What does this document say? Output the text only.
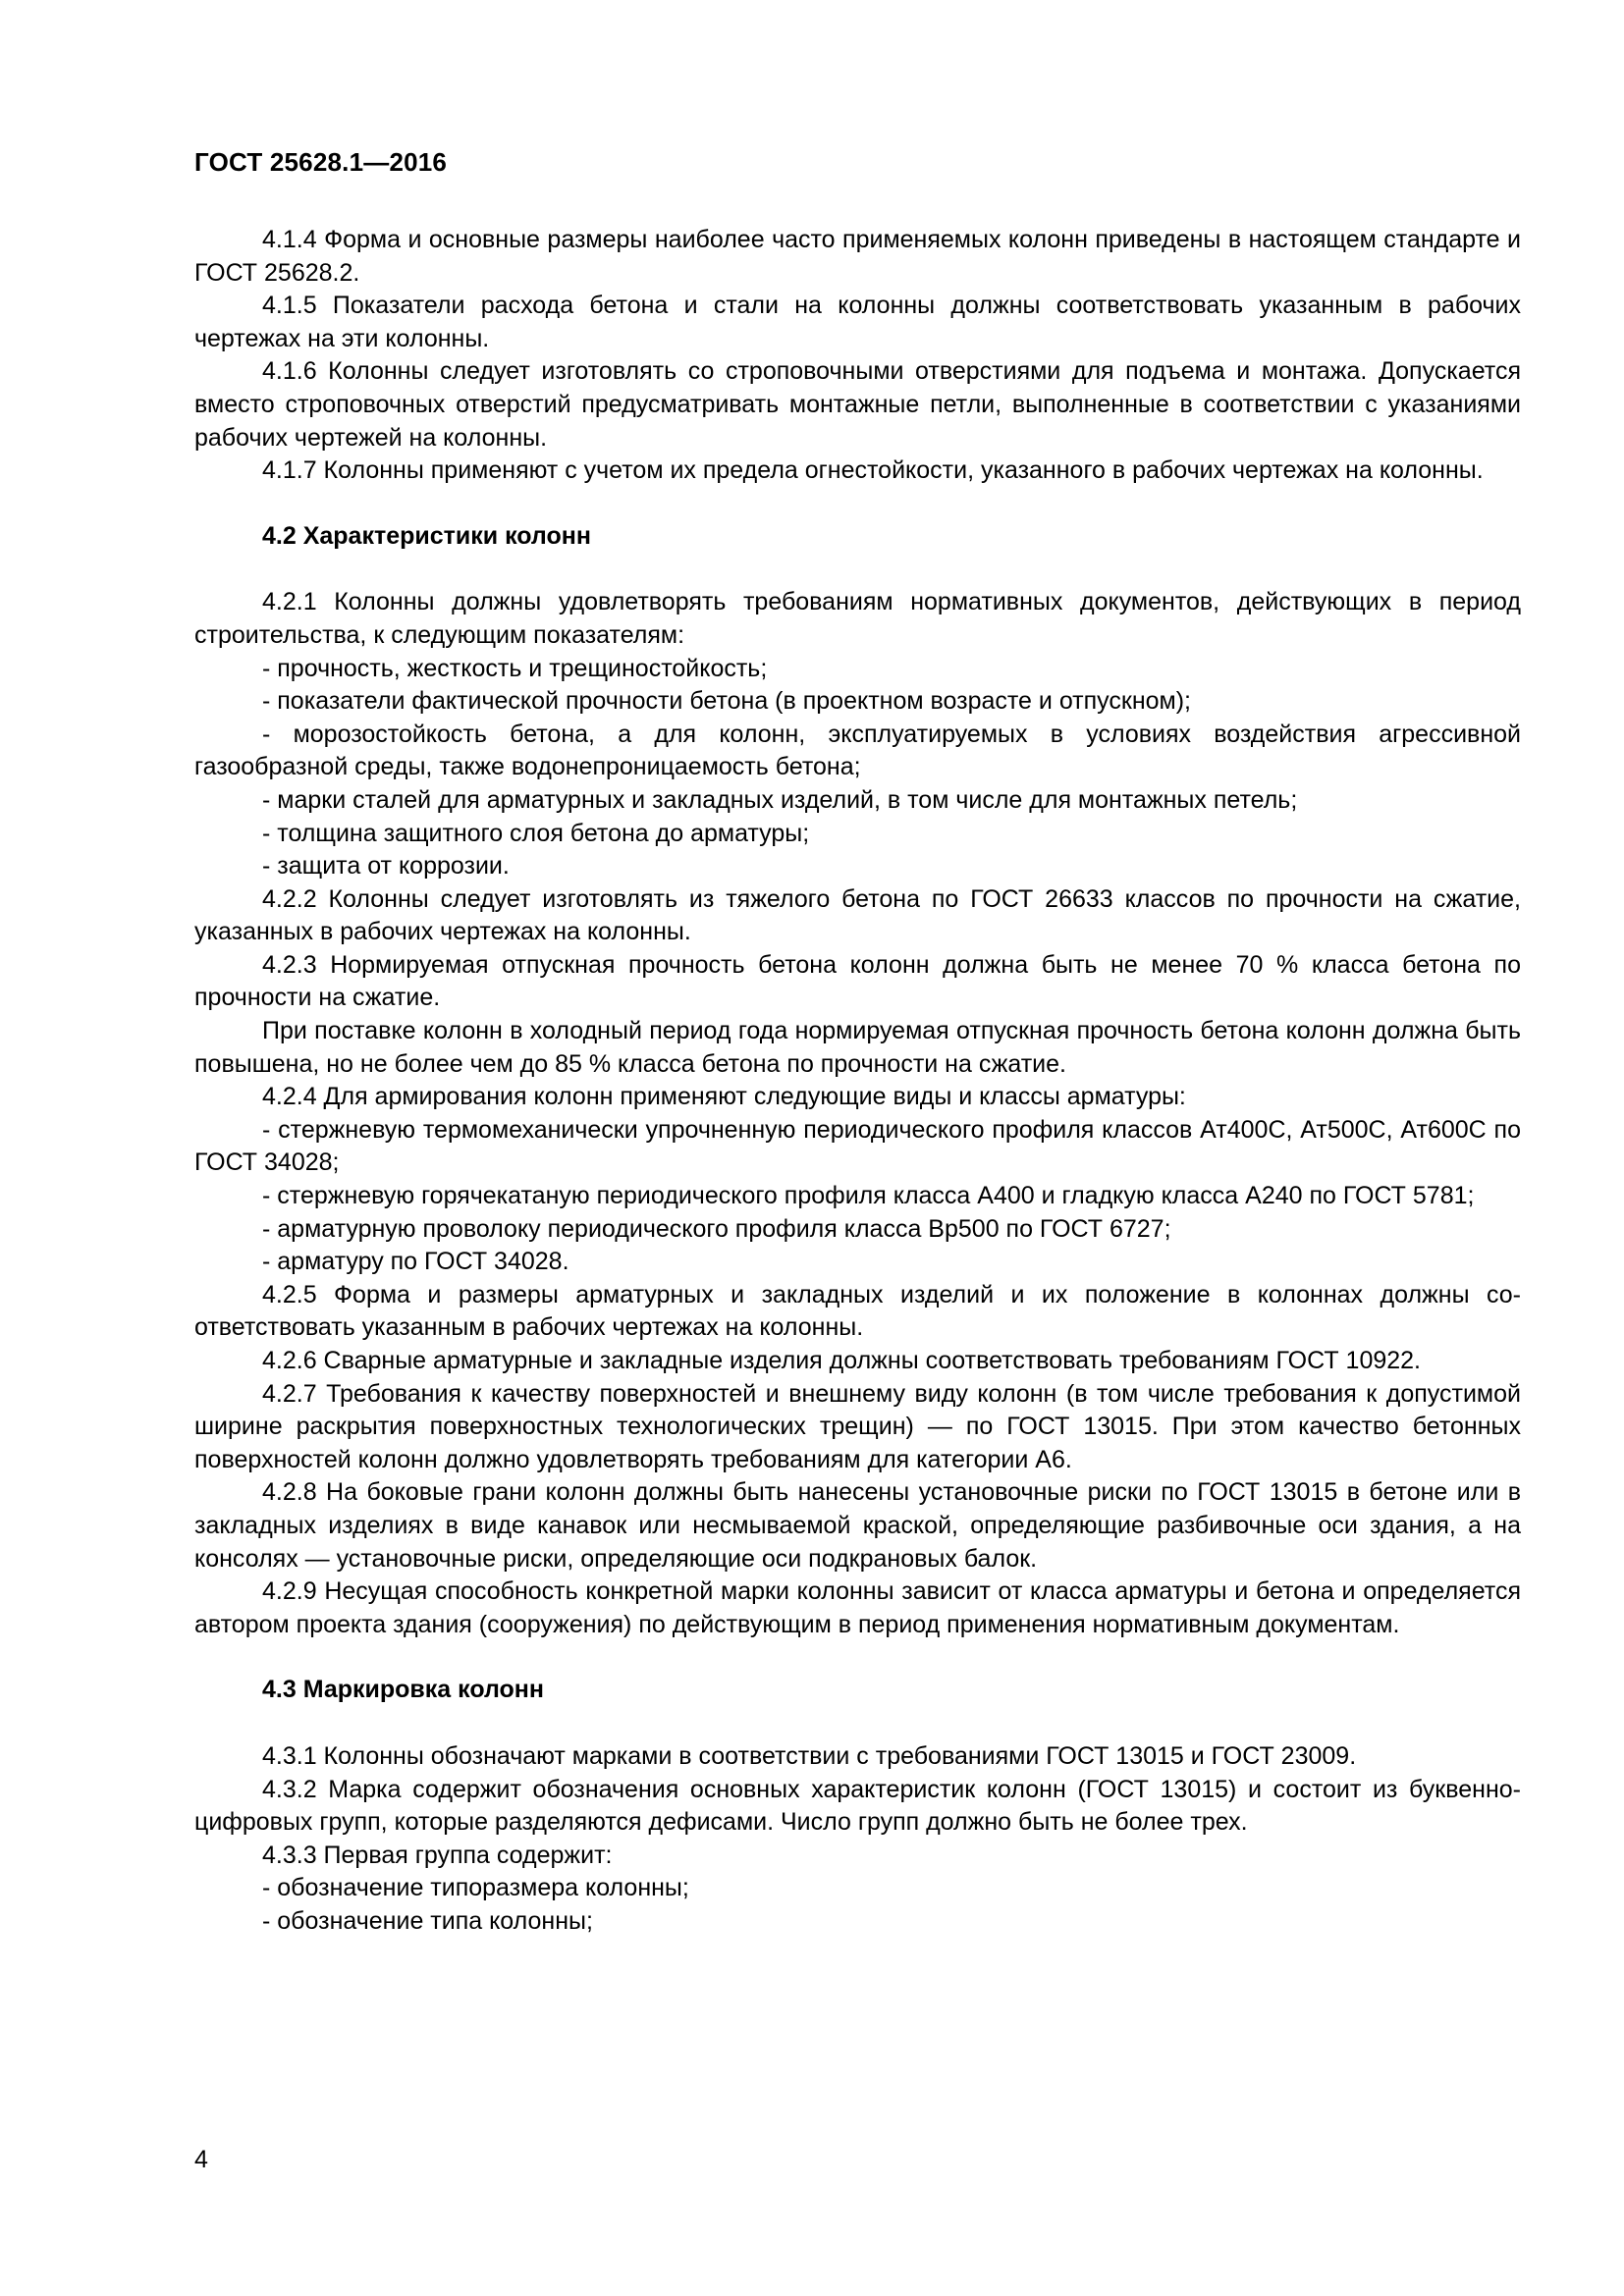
ГОСТ 25628.1—2016

4.1.4 Форма и основные размеры наиболее часто применяемых колонн приведены в настоящем стандарте и ГОСТ 25628.2.

4.1.5 Показатели расхода бетона и стали на колонны должны соответствовать указанным в рабочих чертежах на эти колонны.

4.1.6 Колонны следует изготовлять со строповочными отверстиями для подъема и монтажа. Допускается вместо строповочных отверстий предусматривать монтажные петли, выполненные в соответствии с указаниями рабочих чертежей на колонны.

4.1.7 Колонны применяют с учетом их предела огнестойкости, указанного в рабочих чертежах на колонны.

4.2 Характеристики колонн

4.2.1 Колонны должны удовлетворять требованиям нормативных документов, действующих в период строительства, к следующим показателям:

- прочность, жесткость и трещиностойкость;

- показатели фактической прочности бетона (в проектном возрасте и отпускном);

- морозостойкость бетона, а для колонн, эксплуатируемых в условиях воздействия агрессивной газообразной среды, также водонепроницаемость бетона;

- марки сталей для арматурных и закладных изделий, в том числе для монтажных петель;

- толщина защитного слоя бетона до арматуры;

- защита от коррозии.

4.2.2 Колонны следует изготовлять из тяжелого бетона по ГОСТ 26633 классов по прочности на сжатие, указанных в рабочих чертежах на колонны.

4.2.3 Нормируемая отпускная прочность бетона колонн должна быть не менее 70 % класса бетона по прочности на сжатие.

При поставке колонн в холодный период года нормируемая отпускная прочность бетона колонн должна быть повышена, но не более чем до 85 % класса бетона по прочности на сжатие.

4.2.4 Для армирования колонн применяют следующие виды и классы арматуры:

- стержневую термомеханически упрочненную периодического профиля классов Ат400С, Ат500С, Ат600С по ГОСТ 34028;

- стержневую горячекатаную периодического профиля класса А400 и гладкую класса А240 по ГОСТ 5781;

- арматурную проволоку периодического профиля класса Вр500 по ГОСТ 6727;

- арматуру по ГОСТ 34028.

4.2.5 Форма и размеры арматурных и закладных изделий и их положение в колоннах должны соответствовать указанным в рабочих чертежах на колонны.

4.2.6 Сварные арматурные и закладные изделия должны соответствовать требованиям ГОСТ 10922.

4.2.7 Требования к качеству поверхностей и внешнему виду колонн (в том числе требования к допустимой ширине раскрытия поверхностных технологических трещин) — по ГОСТ 13015. При этом качество бетонных поверхностей колонн должно удовлетворять требованиям для категории А6.

4.2.8 На боковые грани колонн должны быть нанесены установочные риски по ГОСТ 13015 в бетоне или в закладных изделиях в виде канавок или несмываемой краской, определяющие разбивочные оси здания, а на консолях — установочные риски, определяющие оси подкрановых балок.

4.2.9 Несущая способность конкретной марки колонны зависит от класса арматуры и бетона и определяется автором проекта здания (сооружения) по действующим в период применения нормативным документам.

4.3 Маркировка колонн

4.3.1 Колонны обозначают марками в соответствии с требованиями ГОСТ 13015 и ГОСТ 23009.

4.3.2 Марка содержит обозначения основных характеристик колонн (ГОСТ 13015) и состоит из буквенно-цифровых групп, которые разделяются дефисами. Число групп должно быть не более трех.

4.3.3 Первая группа содержит:

- обозначение типоразмера колонны;

- обозначение типа колонны;

4
